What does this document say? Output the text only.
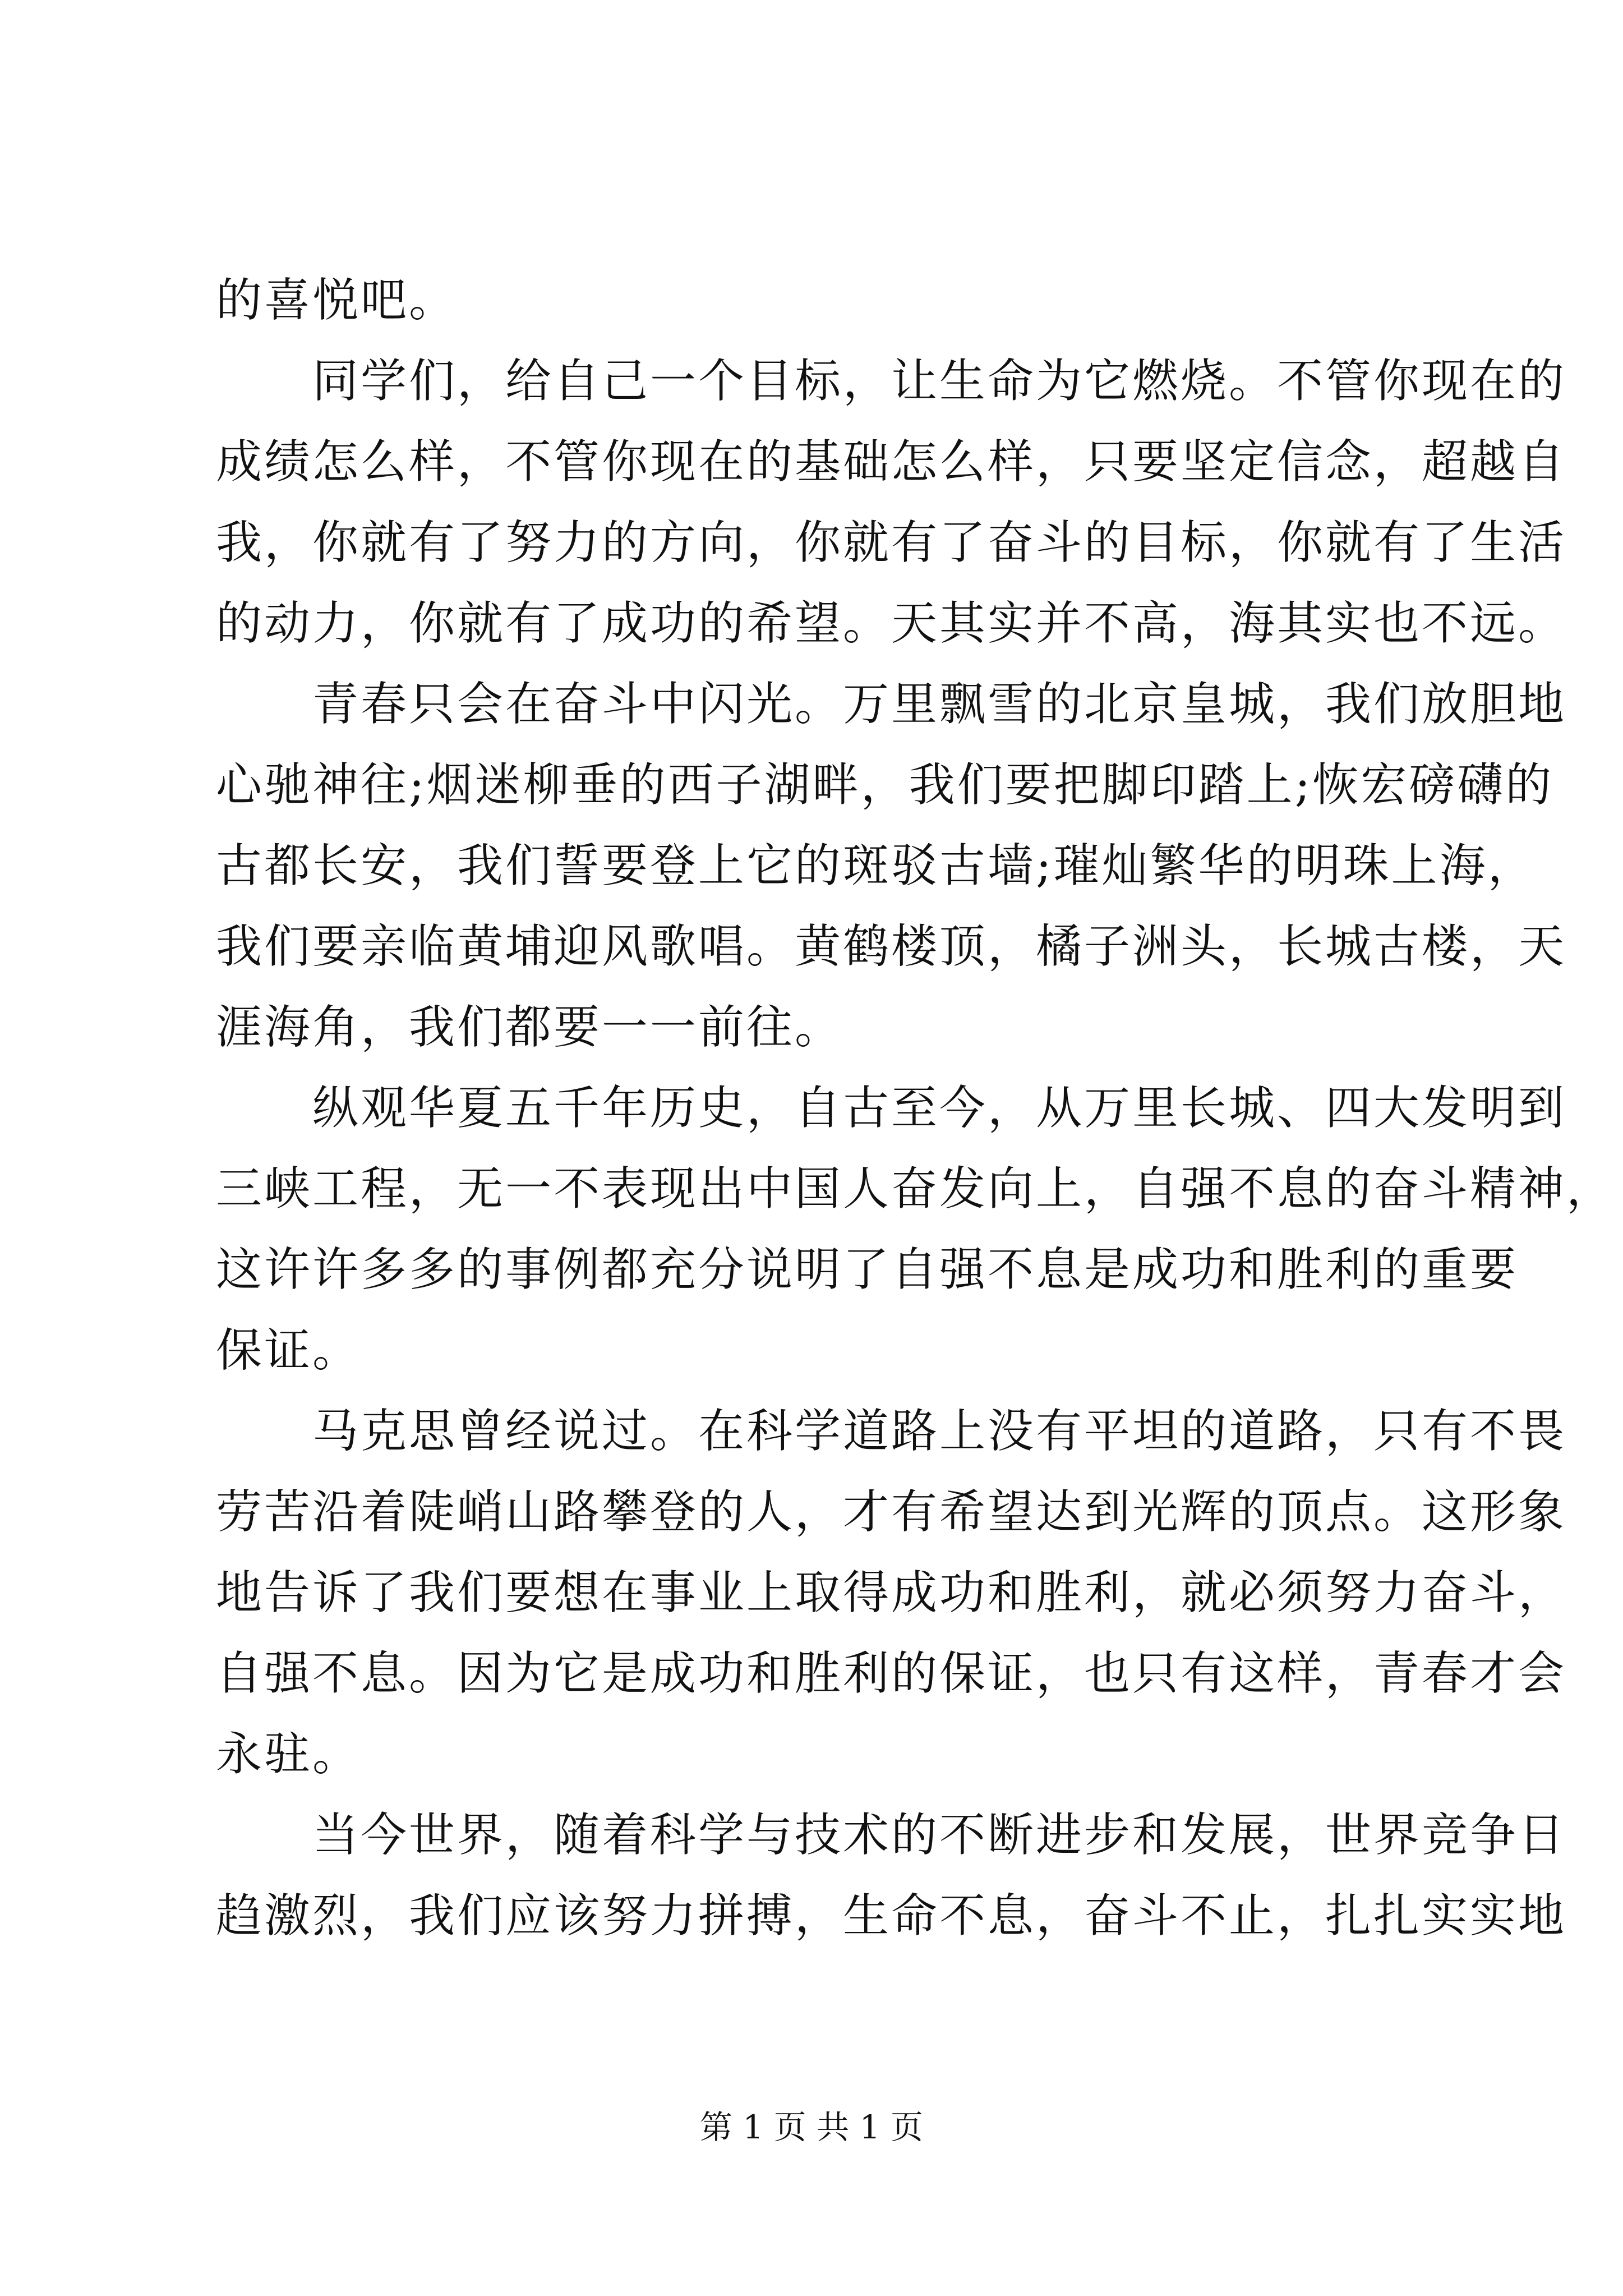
的喜悦吧。

同学们，给自己一个目标，让生命为它燃烧。不管你现在的

成绩怎么样，不管你现在的基础怎么样，只要坚定信念，超越自

我，你就有了努力的方向，你就有了奋斗的目标，你就有了生活

的动力，你就有了成功的希望。天其实并不高，海其实也不远。

青春只会在奋斗中闪光。万里飘雪的北京皇城，我们放胆地

心驰神往;烟迷柳垂的西子湖畔，我们要把脚印踏上;恢宏磅礴的

古都长安，我们誓要登上它的斑驳古墙;璀灿繁华的明珠上海，

我们要亲临黄埔迎风歌唱。黄鹤楼顶，橘子洲头，长城古楼，天

涯海角，我们都要一一前往。

纵观华夏五千年历史，自古至今，从万里长城、四大发明到

三峡工程，无一不表现出中国人奋发向上，自强不息的奋斗精神，

这许许多多的事例都充分说明了自强不息是成功和胜利的重要

保证。

马克思曾经说过。在科学道路上没有平坦的道路，只有不畏

劳苦沿着陡峭山路攀登的人，才有希望达到光辉的顶点。这形象

地告诉了我们要想在事业上取得成功和胜利，就必须努力奋斗，

自强不息。因为它是成功和胜利的保证，也只有这样，青春才会

永驻。

当今世界，随着科学与技术的不断进步和发展，世界竞争日

趋激烈，我们应该努力拼搏，生命不息，奋斗不止，扎扎实实地

第 1 页 共 1 页
